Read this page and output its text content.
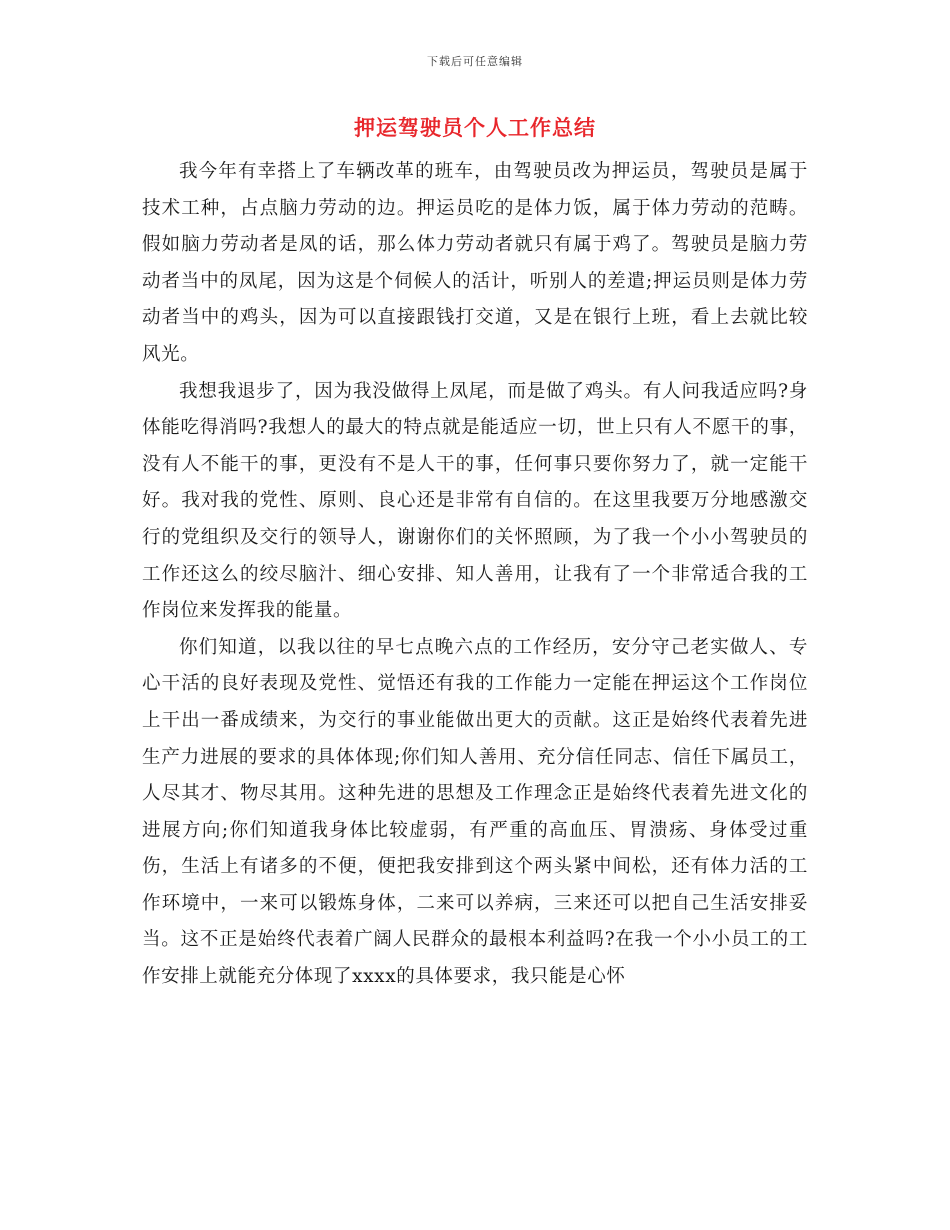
下载后可任意编辑
押运驾驶员个人工作总结

我今年有幸搭上了车辆改革的班车，由驾驶员改为押运员，驾驶员是属于技术工种，占点脑力劳动的边。押运员吃的是体力饭，属于体力劳动的范畴。假如脑力劳动者是凤的话，那么体力劳动者就只有属于鸡了。驾驶员是脑力劳动者当中的凤尾，因为这是个伺候人的活计，听别人的差遣;押运员则是体力劳动者当中的鸡头，因为可以直接跟钱打交道，又是在银行上班，看上去就比较风光。

我想我退步了，因为我没做得上凤尾，而是做了鸡头。有人问我适应吗?身体能吃得消吗?我想人的最大的特点就是能适应一切，世上只有人不愿干的事，没有人不能干的事，更没有不是人干的事，任何事只要你努力了，就一定能干好。我对我的党性、原则、良心还是非常有自信的。在这里我要万分地感激交行的党组织及交行的领导人，谢谢你们的关怀照顾，为了我一个小小驾驶员的工作还这么的绞尽脑汁、细心安排、知人善用，让我有了一个非常适合我的工作岗位来发挥我的能量。

你们知道，以我以往的早七点晚六点的工作经历，安分守己老实做人、专心干活的良好表现及党性、觉悟还有我的工作能力一定能在押运这个工作岗位上干出一番成绩来，为交行的事业能做出更大的贡献。这正是始终代表着先进生产力进展的要求的具体体现;你们知人善用、充分信任同志、信任下属员工，人尽其才、物尽其用。这种先进的思想及工作理念正是始终代表着先进文化的进展方向;你们知道我身体比较虚弱，有严重的高血压、胃溃疡、身体受过重伤，生活上有诸多的不便，便把我安排到这个两头紧中间松，还有体力活的工作环境中，一来可以锻炼身体，二来可以养病，三来还可以把自己生活安排妥当。这不正是始终代表着广阔人民群众的最根本利益吗?在我一个小小员工的工作安排上就能充分体现了xxxx的具体要求，我只能是心怀
